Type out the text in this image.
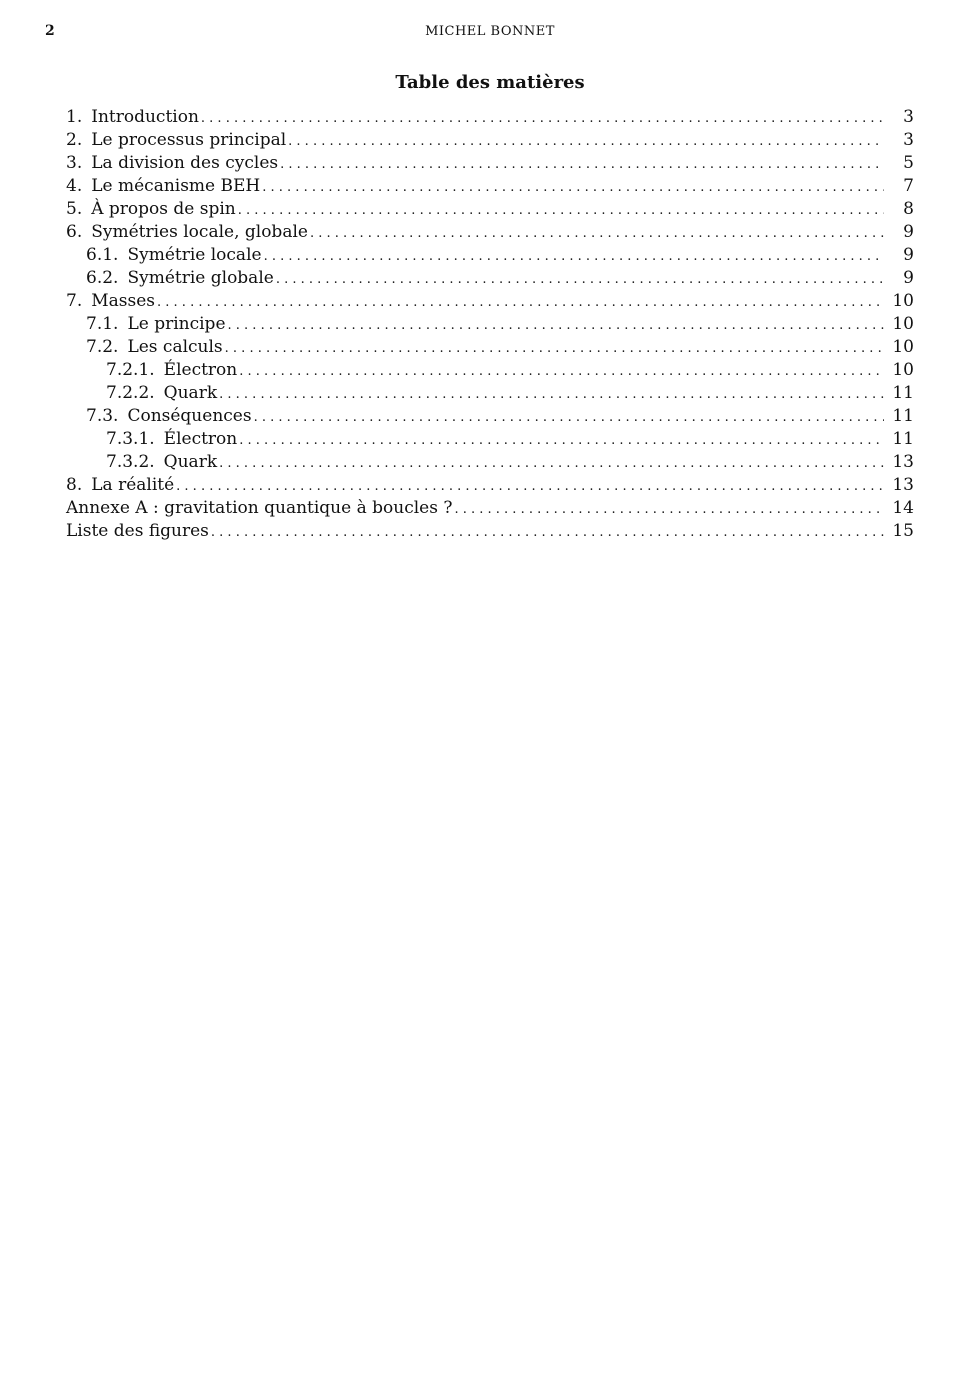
2	MICHEL BONNET
Table des matières
1. Introduction . . .	3
2. Le processus principal . . .	3
3. La division des cycles . . .	5
4. Le mécanisme BEH . . .	7
5. À propos de spin . . .	8
6. Symétries locale, globale . . .	9
6.1. Symétrie locale . . .	9
6.2. Symétrie globale . . .	9
7. Masses . . .	10
7.1. Le principe . . .	10
7.2. Les calculs . . .	10
7.2.1. Électron . . .	10
7.2.2. Quark . . .	11
7.3. Conséquences . . .	11
7.3.1. Électron . . .	11
7.3.2. Quark . . .	13
8. La réalité . . .	13
Annexe A : gravitation quantique à boucles ? . . .	14
Liste des figures . . .	15
